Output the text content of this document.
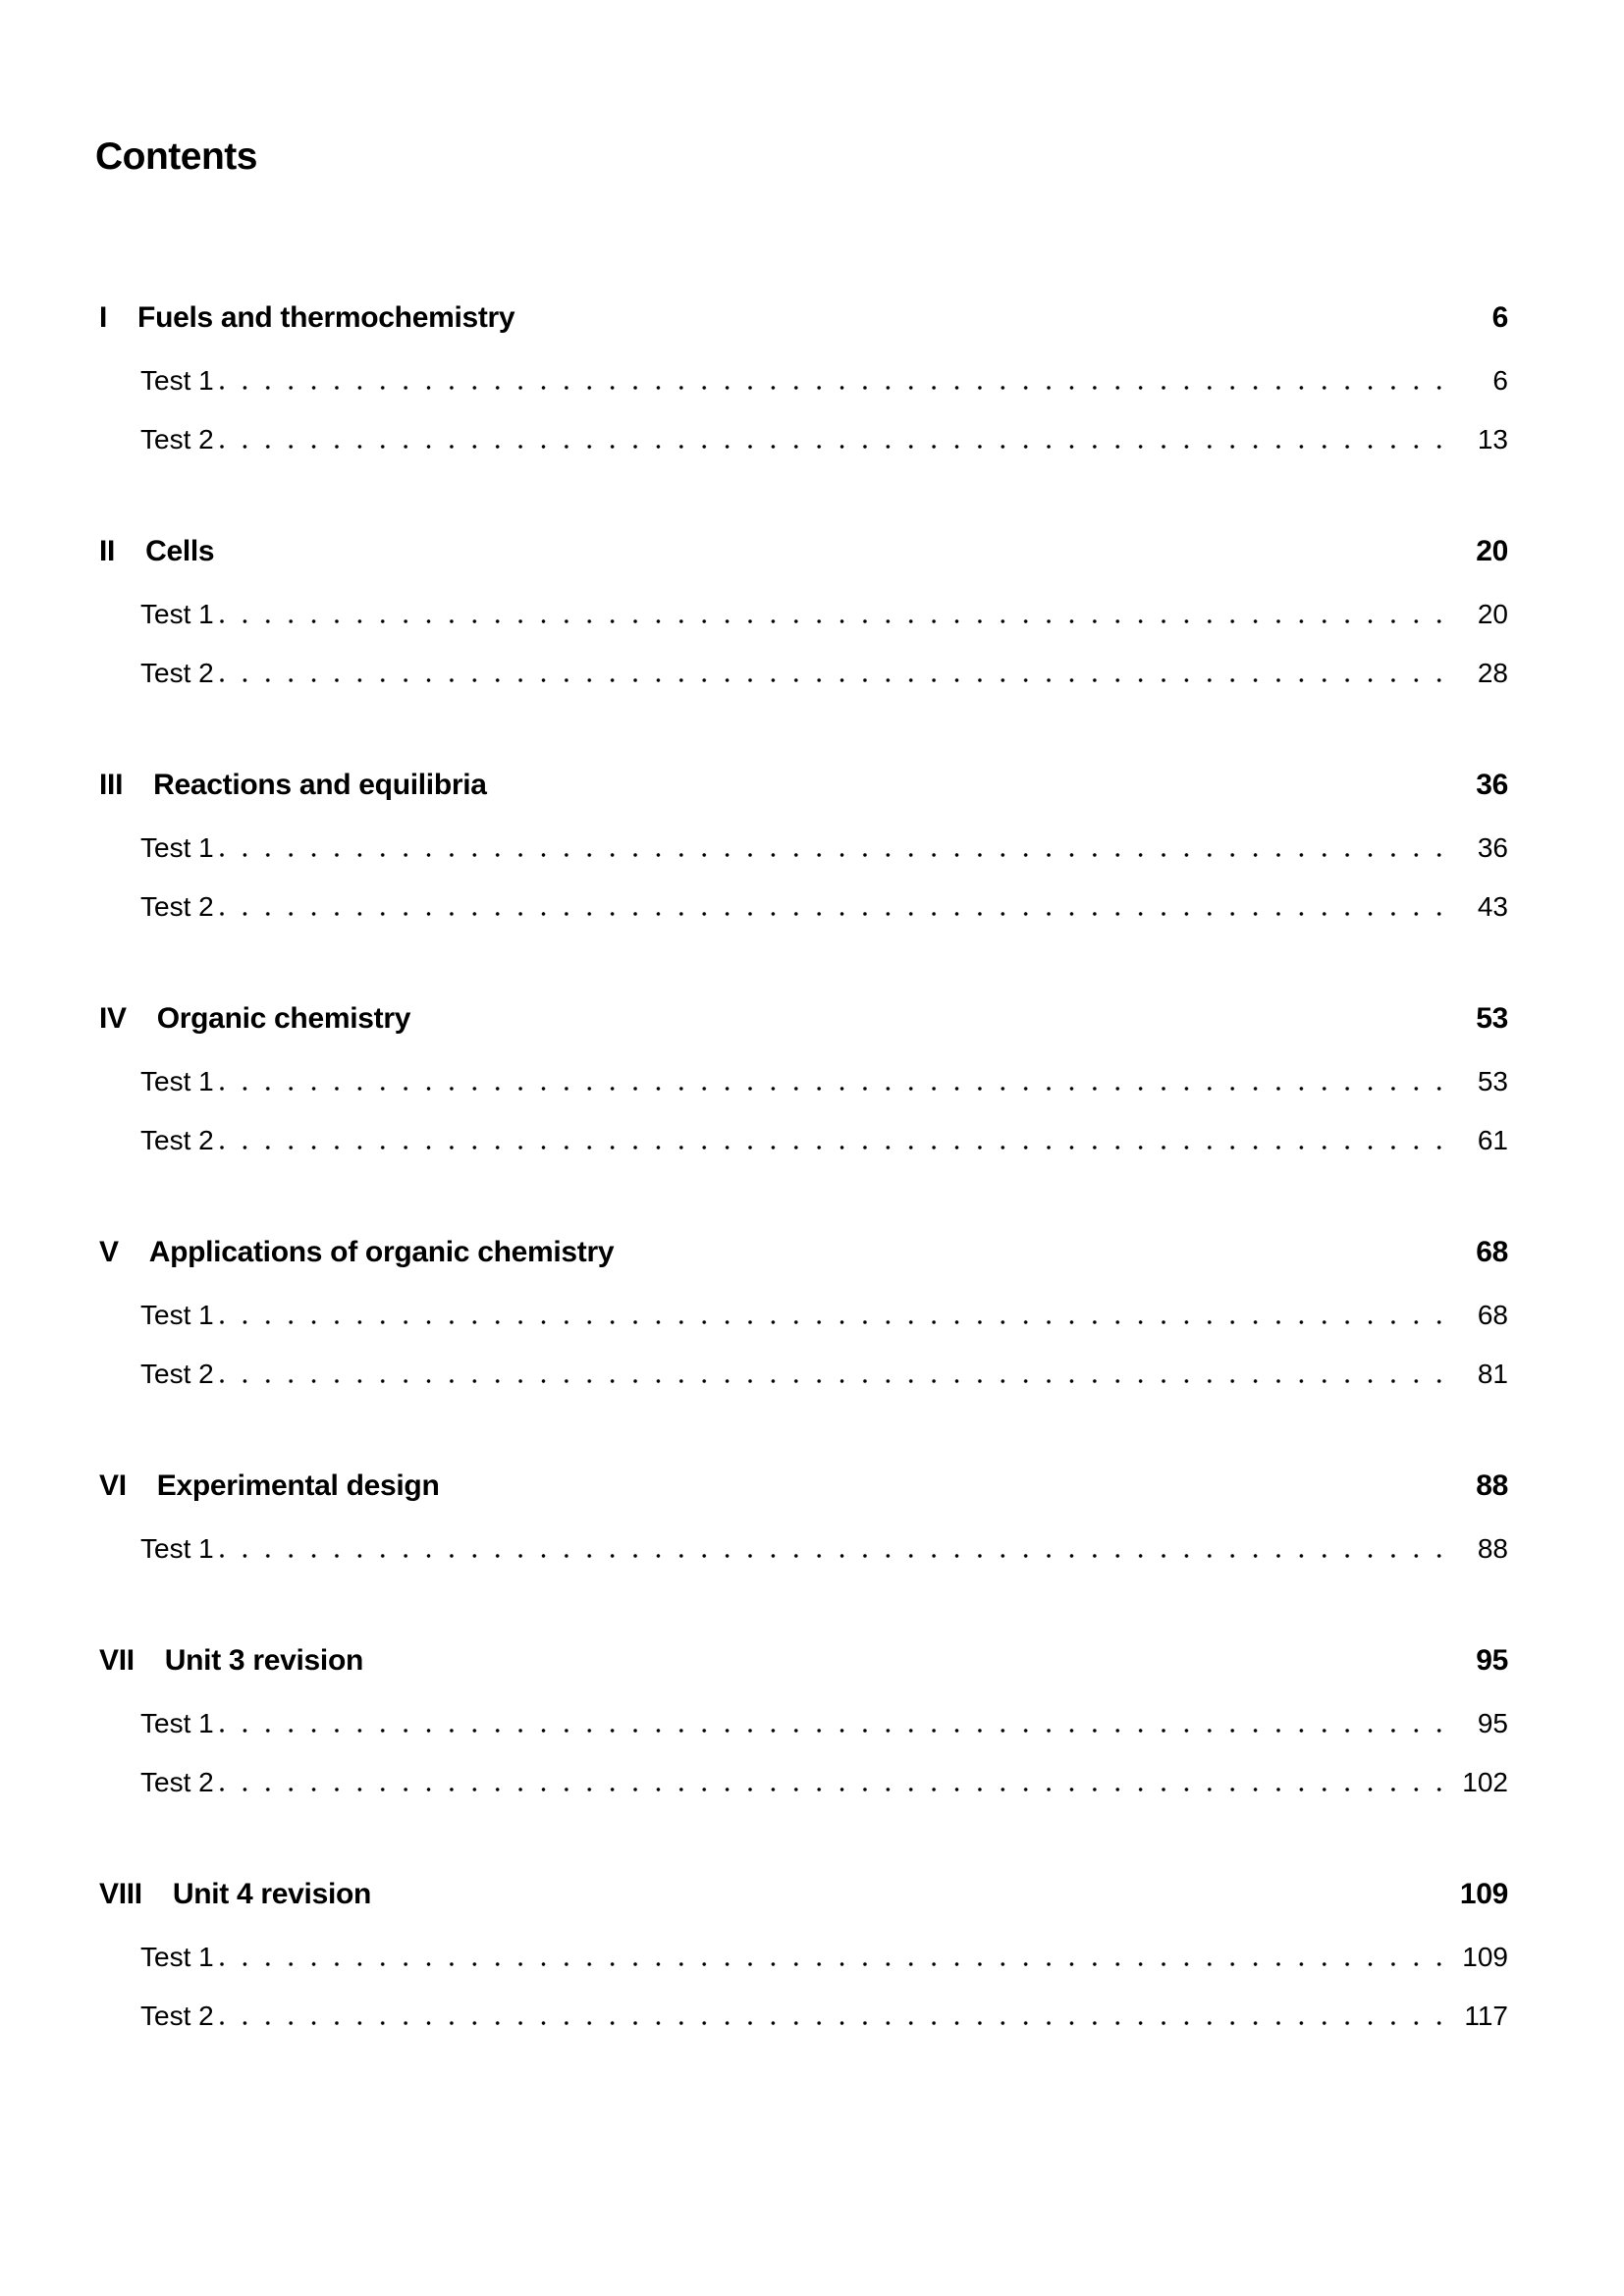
Contents
I Fuels and thermochemistry	6
Test 1	6
Test 2	13
II Cells	20
Test 1	20
Test 2	28
III Reactions and equilibria	36
Test 1	36
Test 2	43
IV Organic chemistry	53
Test 1	53
Test 2	61
V Applications of organic chemistry	68
Test 1	68
Test 2	81
VI Experimental design	88
Test 1	88
VII Unit 3 revision	95
Test 1	95
Test 2	102
VIII Unit 4 revision	109
Test 1	109
Test 2	117
